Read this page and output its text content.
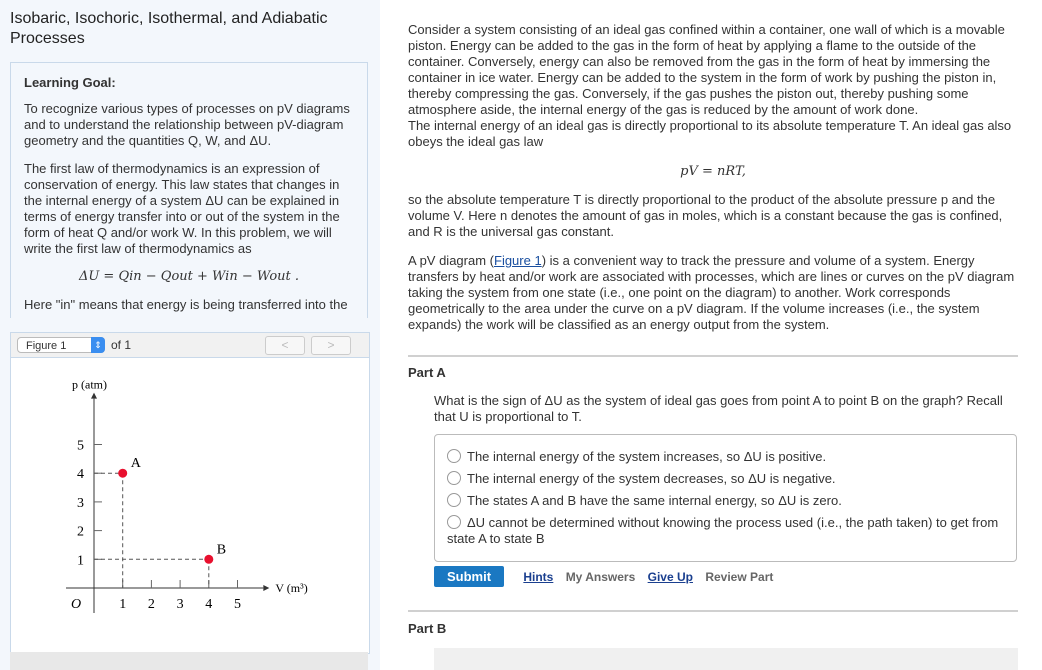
Isobaric, Isochoric, Isothermal, and Adiabatic Processes
Learning Goal:

To recognize various types of processes on pV diagrams and to understand the relationship between pV-diagram geometry and the quantities Q, W, and ΔU.

The first law of thermodynamics is an expression of conservation of energy. This law states that changes in the internal energy of a system ΔU can be explained in terms of energy transfer into or out of the system in the form of heat Q and/or work W. In this problem, we will write the first law of thermodynamics as

ΔU = Qin − Qout + Win − Wout .

Here "in" means that energy is being transferred into the

Figure 1	⇕ of 1	<	>
1 2 3 4 5
1
2
3
4
5
O
V (m³)
p (atm)
A
B

Consider a system consisting of an ideal gas confined within a container, one wall of which is a movable piston. Energy can be added to the gas in the form of heat by applying a flame to the outside of the container. Conversely, energy can also be removed from the gas in the form of heat by immersing the container in ice water. Energy can be added to the system in the form of work by pushing the piston in, thereby compressing the gas. Conversely, if the gas pushes the piston out, thereby pushing some atmosphere aside, the internal energy of the gas is reduced by the amount of work done.

The internal energy of an ideal gas is directly proportional to its absolute temperature T. An ideal gas also obeys the ideal gas law

pV = nRT,

so the absolute temperature T is directly proportional to the product of the absolute pressure p and the volume V. Here n denotes the amount of gas in moles, which is a constant because the gas is confined, and R is the universal gas constant.

A pV diagram (Figure 1) is a convenient way to track the pressure and volume of a system. Energy transfers by heat and/or work are associated with processes, which are lines or curves on the pV diagram taking the system from one state (i.e., one point on the diagram) to another. Work corresponds geometrically to the area under the curve on a pV diagram. If the volume increases (i.e., the system expands) the work will be classified as an energy output from the system.

Part A
What is the sign of ΔU as the system of ideal gas goes from point A to point B on the graph? Recall that U is proportional to T.
The internal energy of the system increases, so ΔU is positive.
The internal energy of the system decreases, so ΔU is negative.
The states A and B have the same internal energy, so ΔU is zero.
ΔU cannot be determined without knowing the process used (i.e., the path taken) to get from state A to state B
Submit	Hints My Answers Give Up Review Part
Part B
